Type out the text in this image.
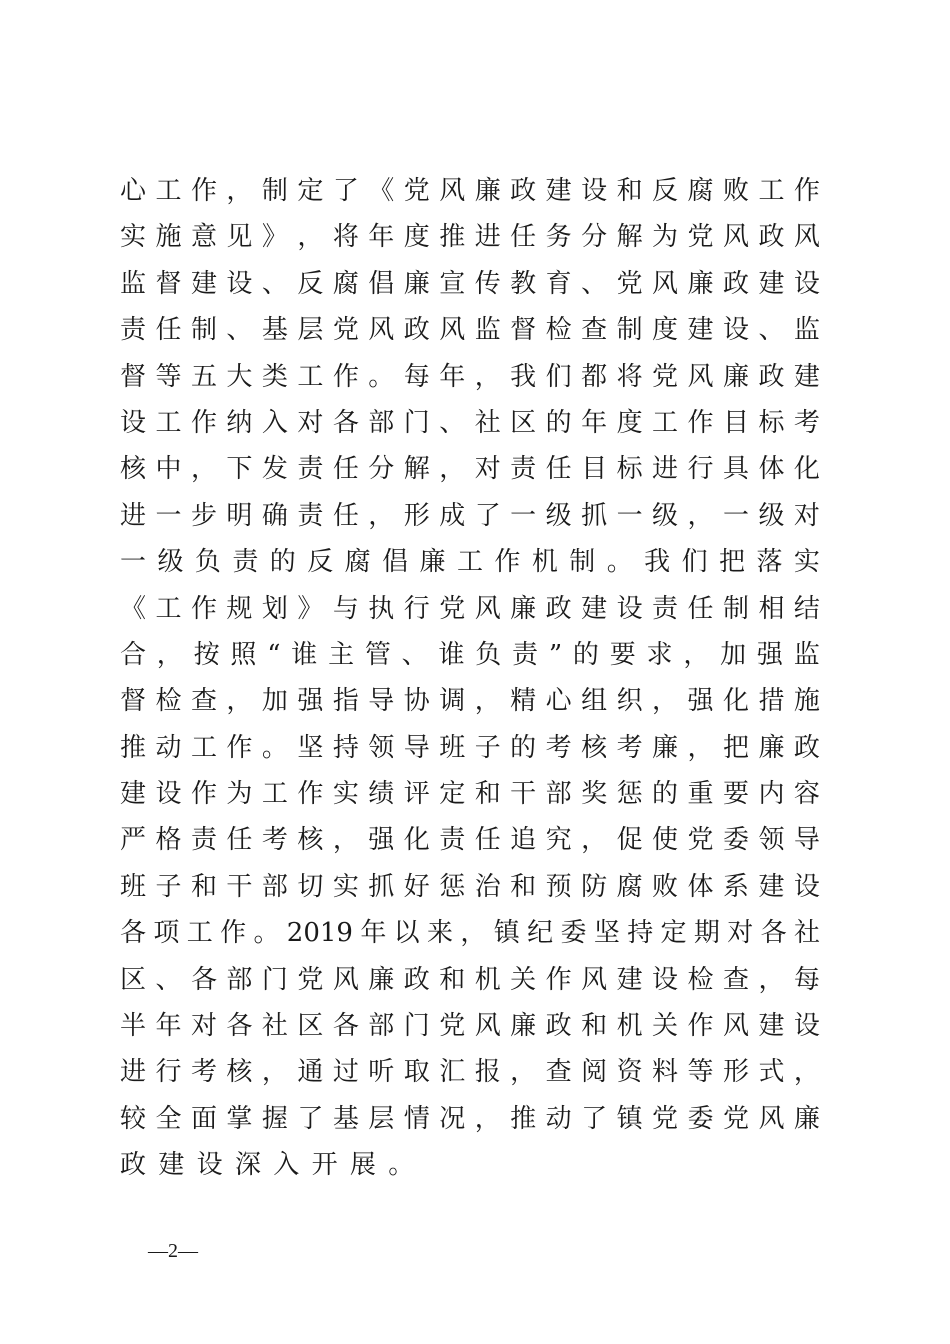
心 工 作 ， 制 定 了 《 党 风 廉 政 建 设 和 反 腐 败 工 作
实 施 意 见 》 ， 将 年 度 推 进 任 务 分 解 为 党 风 政 风
监 督 建 设 、 反 腐 倡 廉 宣 传 教 育 、 党 风 廉 政 建 设
责 任 制 、 基 层 党 风 政 风 监 督 检 查 制 度 建 设 、 监
督 等 五 大 类 工 作 。 每 年 ， 我 们 都 将 党 风 廉 政 建
设 工 作 纳 入 对 各 部 门 、 社 区 的 年 度 工 作 目 标 考
核 中 ， 下 发 责 任 分 解 ， 对 责 任 目 标 进 行 具 体 化
进 一 步 明 确 责 任 ， 形 成 了 一 级 抓 一 级 ， 一 级 对
一 级 负 责 的 反 腐 倡 廉 工 作 机 制 。 我 们 把 落 实
《 工 作 规 划 》 与 执 行 党 风 廉 政 建 设 责 任 制 相 结
合 ， 按 照 “ 谁 主 管 、 谁 负 责 ” 的 要 求 ， 加 强 监
督 检 查 ， 加 强 指 导 协 调 ， 精 心 组 织 ， 强 化 措 施
推 动 工 作 。 坚 持 领 导 班 子 的 考 核 考 廉 ， 把 廉 政
建 设 作 为 工 作 实 绩 评 定 和 干 部 奖 惩 的 重 要 内 容
严 格 责 任 考 核 ， 强 化 责 任 追 究 ， 促 使 党 委 领 导
班 子 和 干 部 切 实 抓 好 惩 治 和 预 防 腐 败 体 系 建 设
各 项 工 作 。 2019 年 以 来 ， 镇 纪 委 坚 持 定 期 对 各 社
区 、 各 部 门 党 风 廉 政 和 机 关 作 风 建 设 检 查 ， 每
半 年 对 各 社 区 各 部 门 党 风 廉 政 和 机 关 作 风 建 设
进 行 考 核 ， 通 过 听 取 汇 报 ， 查 阅 资 料 等 形 式 ，
较 全 面 掌 握 了 基 层 情 况 ， 推 动 了 镇 党 委 党 风 廉
政 建 设 深 入 开 展 。
—2—
